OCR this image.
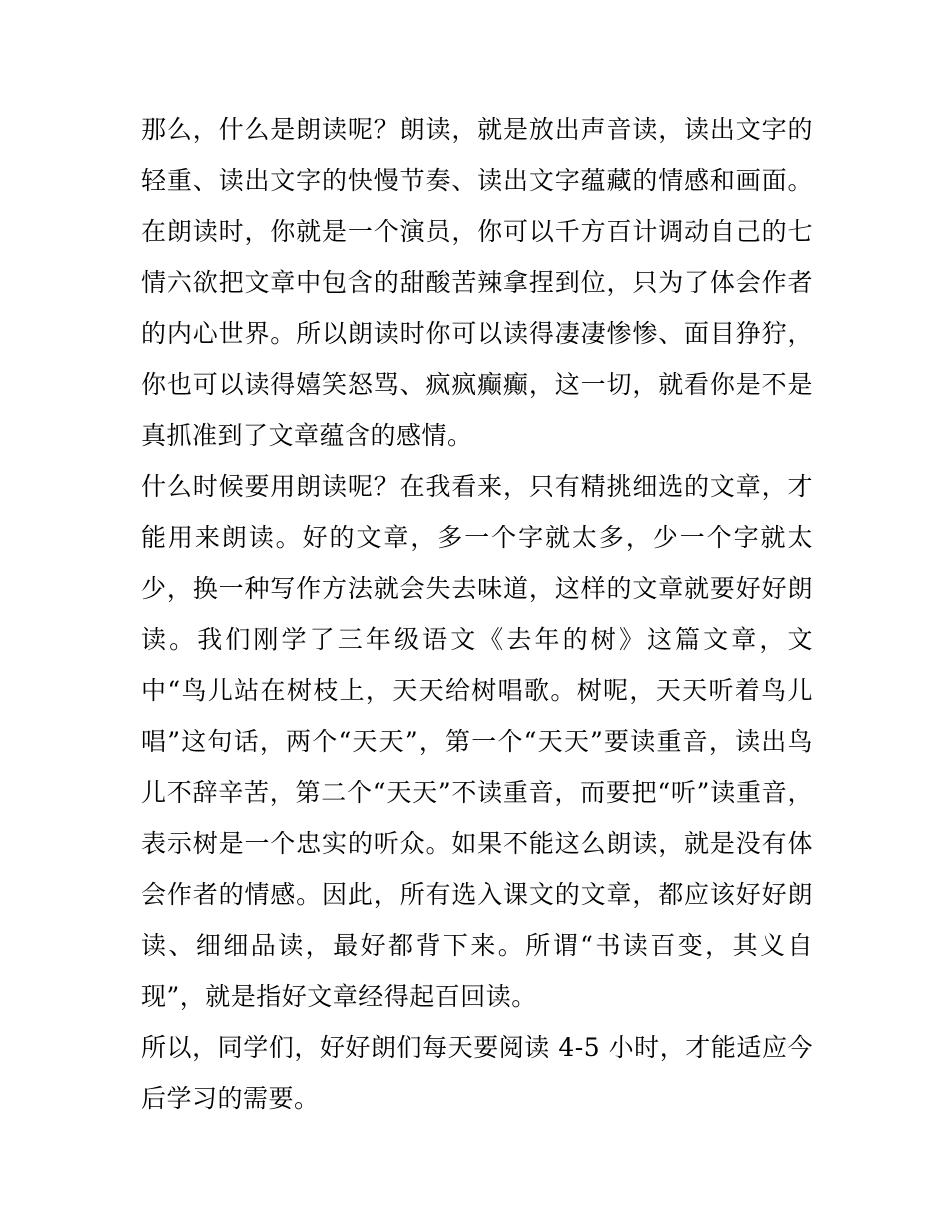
那么，什么是朗读呢？朗读，就是放出声音读，读出文字的轻重、读出文字的快慢节奏、读出文字蕴藏的情感和画面。在朗读时，你就是一个演员，你可以千方百计调动自己的七情六欲把文章中包含的甜酸苦辣拿捏到位，只为了体会作者的内心世界。所以朗读时你可以读得凄凄惨惨、面目狰狞，你也可以读得嬉笑怒骂、疯疯癫癫，这一切，就看你是不是真抓准到了文章蕴含的感情。

什么时候要用朗读呢？在我看来，只有精挑细选的文章，才能用来朗读。好的文章，多一个字就太多，少一个字就太少，换一种写作方法就会失去味道，这样的文章就要好好朗读。我们刚学了三年级语文《去年的树》这篇文章，文中“鸟儿站在树枝上，天天给树唱歌。树呢，天天听着鸟儿唱”这句话，两个“天天”，第一个“天天”要读重音，读出鸟儿不辞辛苦，第二个“天天”不读重音，而要把“听”读重音，表示树是一个忠实的听众。如果不能这么朗读，就是没有体会作者的情感。因此，所有选入课文的文章，都应该好好朗读、细细品读，最好都背下来。所谓“书读百变，其义自现”，就是指好文章经得起百回读。

所以，同学们，好好朗们每天要阅读 4-5 小时，才能适应今后学习的需要。
